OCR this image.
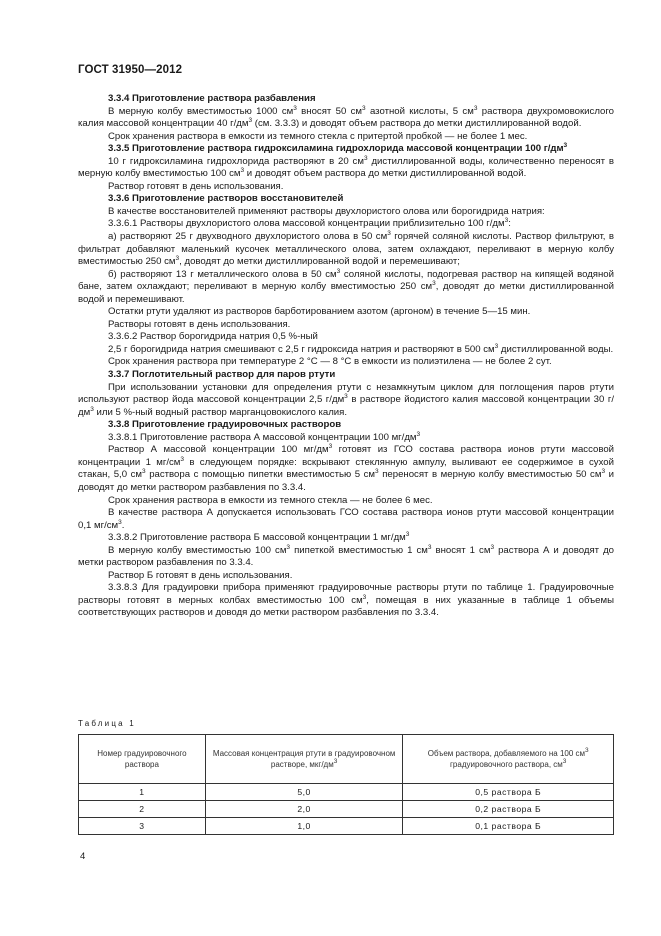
ГОСТ 31950—2012

3.3.4 Приготовление раствора разбавления

В мерную колбу вместимостью 1000 $см^3$ вносят 50 $см^3$ азотной кислоты, 5 $см^3$ раствора двухромовокислого калия массовой концентрации 40 $г/дм^3$ (см. 3.3.3) и доводят объем раствора до метки дистиллированной водой.

Срок хранения раствора в емкости из темного стекла с притертой пробкой — не более 1 мес.

3.3.5 Приготовление раствора гидроксиламина гидрохлорида массовой концентрации 100 $г/дм^3$

10 г гидроксиламина гидрохлорида растворяют в 20 $см^3$ дистиллированной воды, количественно переносят в мерную колбу вместимостью 100 $см^3$ и доводят объем раствора до метки дистиллированной водой.

Раствор готовят в день использования.

3.3.6 Приготовление растворов восстановителей

В качестве восстановителей применяют растворы двухлористого олова или борогидрида натрия:

3.3.6.1 Растворы двухлористого олова массовой концентрации приблизительно 100 $г/дм^3$:

а) растворяют 25 г двухводного двухлористого олова в 50 $см^3$ горячей соляной кислоты. Раствор фильтруют, в фильтрат добавляют маленький кусочек металлического олова, затем охлаждают, переливают в мерную колбу вместимостью 250 $см^3$, доводят до метки дистиллированной водой и перемешивают;

б) растворяют 13 г металлического олова в 50 $см^3$ соляной кислоты, подогревая раствор на кипящей водяной бане, затем охлаждают; переливают в мерную колбу вместимостью 250 $см^3$, доводят до метки дистиллированной водой и перемешивают.

Остатки ртути удаляют из растворов барботированием азотом (аргоном) в течение 5—15 мин.

Растворы готовят в день использования.

3.3.6.2 Раствор борогидрида натрия 0,5 %-ный

2,5 г борогидрида натрия смешивают с 2,5 г гидроксида натрия и растворяют в 500 $см^3$ дистиллированной воды.

Срок хранения раствора при температуре 2 °С — 8 °С в емкости из полиэтилена — не более 2 сут.

3.3.7 Поглотительный раствор для паров ртути

При использовании установки для определения ртути с незамкнутым циклом для поглощения паров ртути используют раствор йода массовой концентрации 2,5 $г/дм^3$ в растворе йодистого калия массовой концентрации 30 $г/дм^3$ или 5 %-ный водный раствор марганцовокислого калия.

3.3.8 Приготовление градуировочных растворов

3.3.8.1 Приготовление раствора А массовой концентрации 100 $мг/дм^3$

Раствор А массовой концентрации 100 $мг/дм^3$ готовят из ГСО состава раствора ионов ртути массовой концентрации 1 $мг/см^3$ в следующем порядке: вскрывают стеклянную ампулу, выливают ее содержимое в сухой стакан, 5,0 $см^3$ раствора с помощью пипетки вместимостью 5 $см^3$ переносят в мерную колбу вместимостью 50 $см^3$ и доводят до метки раствором разбавления по 3.3.4.

Срок хранения раствора в емкости из темного стекла — не более 6 мес.

В качестве раствора А допускается использовать ГСО состава раствора ионов ртути массовой концентрации 0,1 $мг/см^3$.

3.3.8.2 Приготовление раствора Б массовой концентрации 1 $мг/дм^3$

В мерную колбу вместимостью 100 $см^3$ пипеткой вместимостью 1 $см^3$ вносят 1 $см^3$ раствора А и доводят до метки раствором разбавления по 3.3.4.

Раствор Б готовят в день использования.

3.3.8.3 Для градуировки прибора применяют градуировочные растворы ртути по таблице 1. Градуировочные растворы готовят в мерных колбах вместимостью 100 $см^3$, помещая в них указанные в таблице 1 объемы соответствующих растворов и доводя до метки раствором разбавления по 3.3.4.

Таблица 1
Номер градуировочного раствора	Массовая концентрация ртути в градуировочном растворе, мкг/$дм^3$	Объем раствора, добавляемого на 100 $см^3$ градуировочного раствора, $см^3$
1	5,0	0,5 раствора Б
2	2,0	0,2 раствора Б
3	1,0	0,1 раствора Б
4
